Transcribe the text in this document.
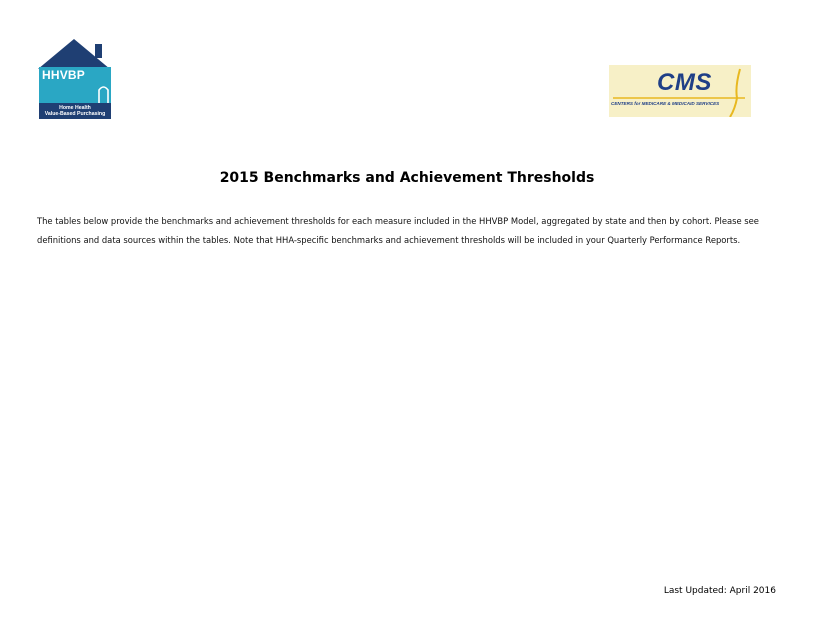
HHVBP
Home Health
Value-Based Purchasing
CMS
CENTERS for MEDICARE & MEDICAID SERVICES
2015 Benchmarks and Achievement Thresholds
The tables below provide the benchmarks and achievement thresholds for each measure included in the HHVBP Model, aggregated by state and then by cohort. Please see definitions and data sources within the tables. Note that HHA-specific benchmarks and achievement thresholds will be included in your Quarterly Performance Reports.
Last Updated: April 2016
